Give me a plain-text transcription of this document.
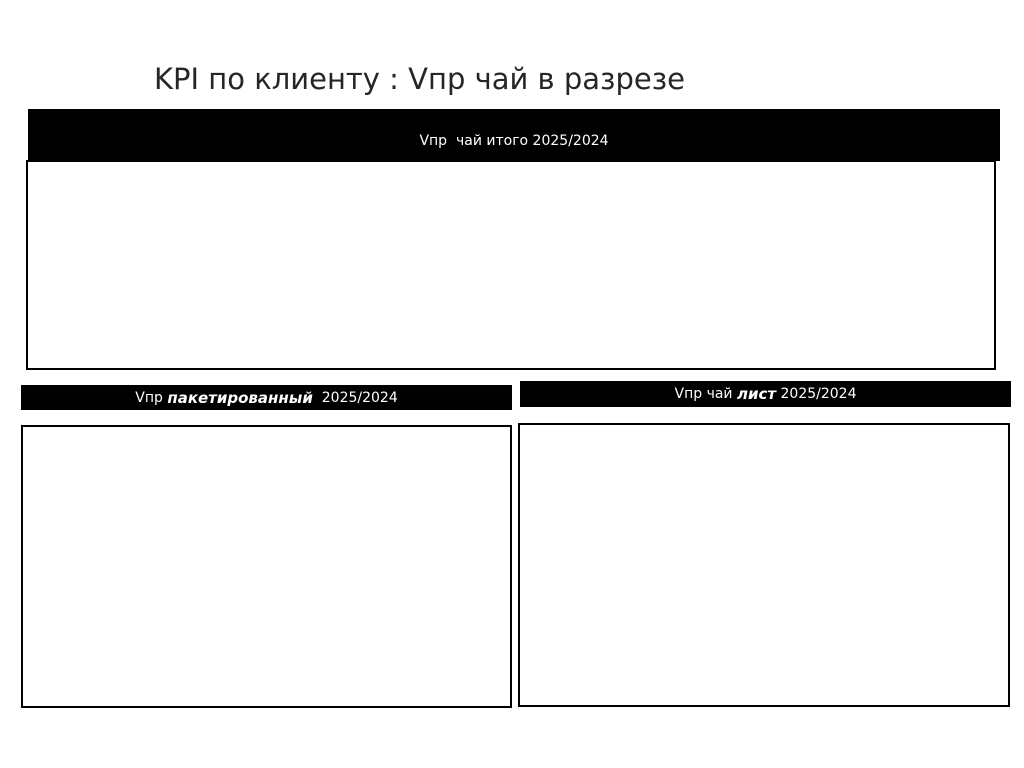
KPI по клиенту : Vпр чай в разрезе
Vпр  чай итого 2025/2024
Vпр пакетированный 2025/2024	Vпр чай лист 2025/2024
